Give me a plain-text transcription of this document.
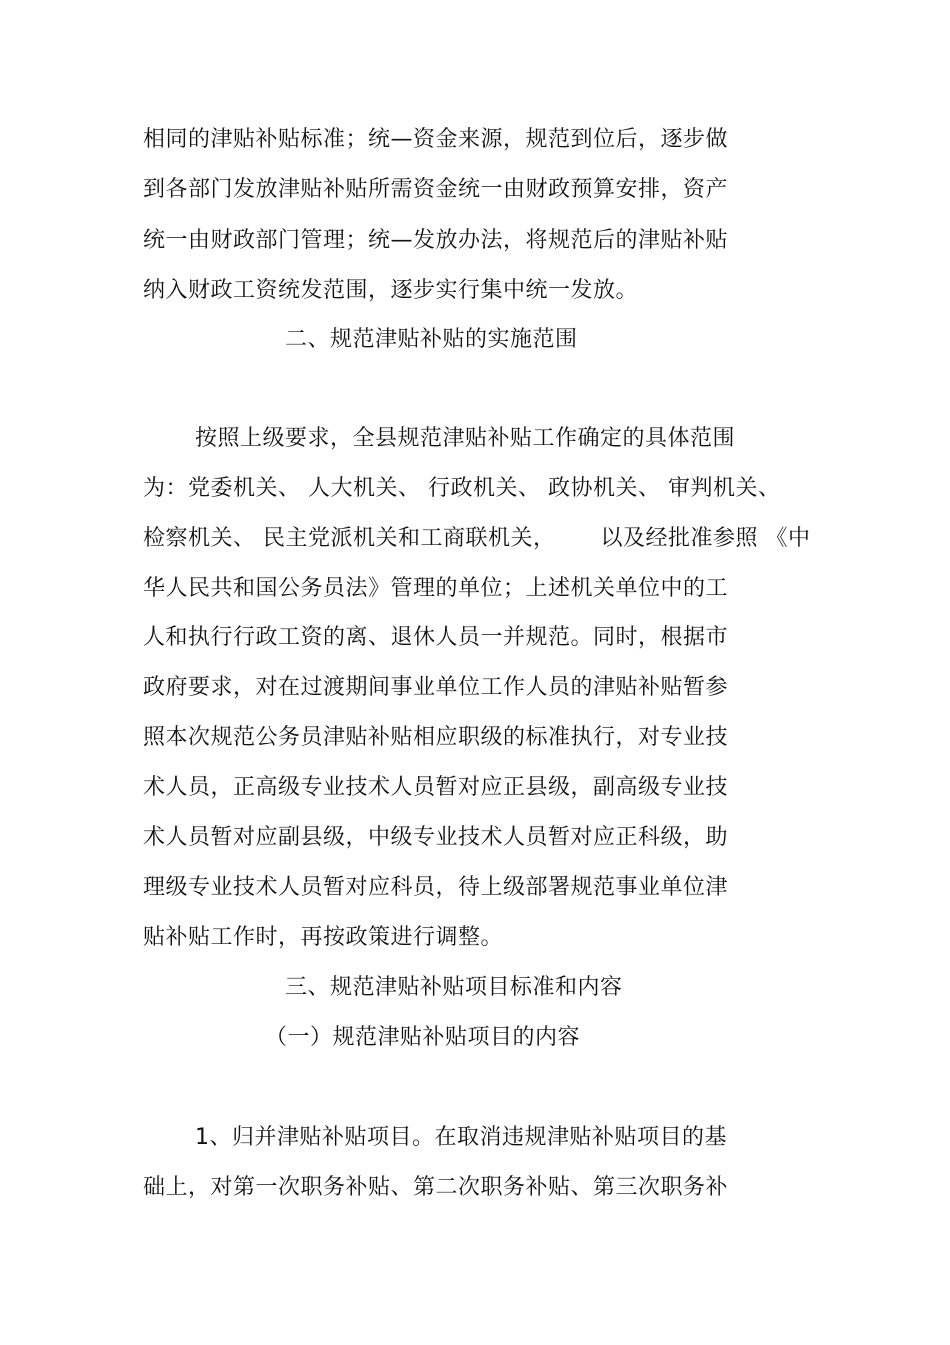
相同的津贴补贴标准；统—资金来源，规范到位后，逐步做
到各部门发放津贴补贴所需资金统一由财政预算安排，资产
统一由财政部门管理；统—发放办法，将规范后的津贴补贴
纳入财政工资统发范围，逐步实行集中统一发放。
二、规范津贴补贴的实施范围
按照上级要求，全县规范津贴补贴工作确定的具体范围
为：党委机关、 人大机关、 行政机关、 政协机关、 审判机关、
检察机关、 民主党派机关和工商联机关，      以及经批准参照 《中
华人民共和国公务员法》管理的单位；上述机关单位中的工
人和执行行政工资的离、退休人员一并规范。同时，根据市
政府要求，对在过渡期间事业单位工作人员的津贴补贴暂参
照本次规范公务员津贴补贴相应职级的标准执行，对专业技
术人员，正高级专业技术人员暂对应正县级，副高级专业技
术人员暂对应副县级，中级专业技术人员暂对应正科级，助
理级专业技术人员暂对应科员，待上级部署规范事业单位津
贴补贴工作时，再按政策进行调整。
三、规范津贴补贴项目标准和内容
（一）规范津贴补贴项目的内容
1、归并津贴补贴项目。在取消违规津贴补贴项目的基
础上，对第一次职务补贴、第二次职务补贴、第三次职务补
